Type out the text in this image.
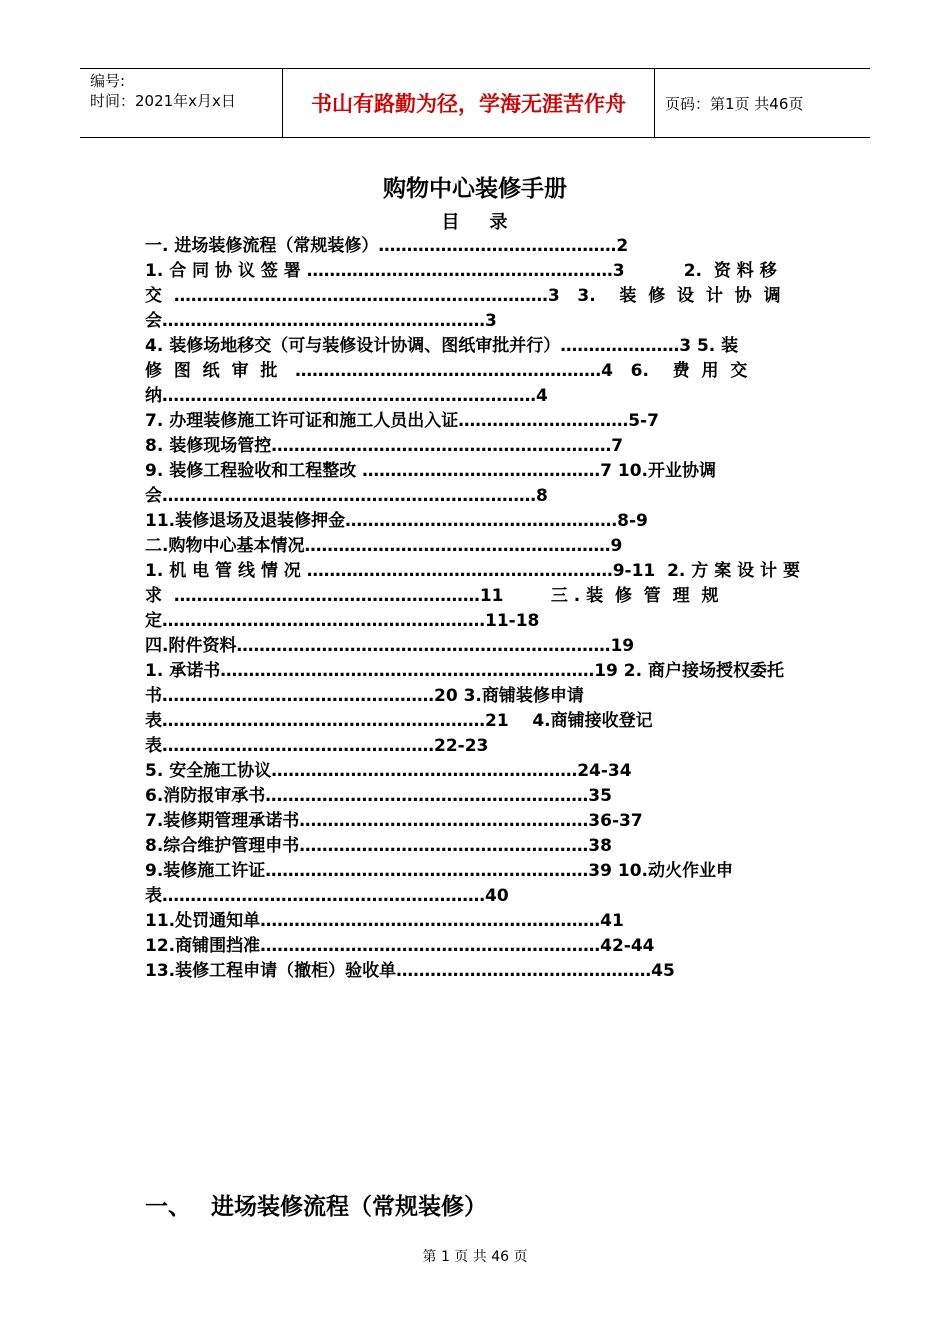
编号:
时间：2021年x月x日	书山有路勤为径，学海无涯苦作舟	页码：第1页 共46页
购物中心装修手册
目    录
一. 进场装修流程（常规装修）……………………………………2
1. 合 同 协 议 签 署 ………………………………………………3          2.  资 料 移
交  …………………………………………………………3   3.    装  修  设  计  协  调
会…………………………………………………3
4. 装修场地移交（可与装修设计协调、图纸审批并行）…………………3 5. 装
修  图  纸  审  批   ………………………………………………4   6.    费  用  交
纳…………………………………………………………4
7. 办理装修施工许可证和施工人员出入证…………………………5-7
8. 装修现场管控……………………………………………………7
9. 装修工程验收和工程整改 ……………………………………7 10.开业协调
会…………………………………………………………8
11.装修退场及退装修押金…………………………………………8-9
二.购物中心基本情况………………………………………………9
1. 机 电 管 线 情 况 ………………………………………………9-11  2. 方 案 设 计 要
求  ………………………………………………11        三 . 装  修  管  理  规
定…………………………………………………11-18
四.附件资料…………………………………………………………19
1. 承诺书…………………………………………………………19 2. 商户接场授权委托
书…………………………………………20 3.商铺装修申请
表…………………………………………………21    4.商铺接收登记
表…………………………………………22-23
5. 安全施工协议………………………………………………24-34
6.消防报审承书…………………………………………………35
7.装修期管理承诺书……………………………………………36-37
8.综合维护管理申书……………………………………………38
9.装修施工许证…………………………………………………39 10.动火作业申
表…………………………………………………40
11.处罚通知单……………………………………………………41
12.商铺围挡准……………………………………………………42-44
13.装修工程申请（撤柜）验收单………………………………………45
一、 进场装修流程（常规装修）
第 1 页 共 46 页
